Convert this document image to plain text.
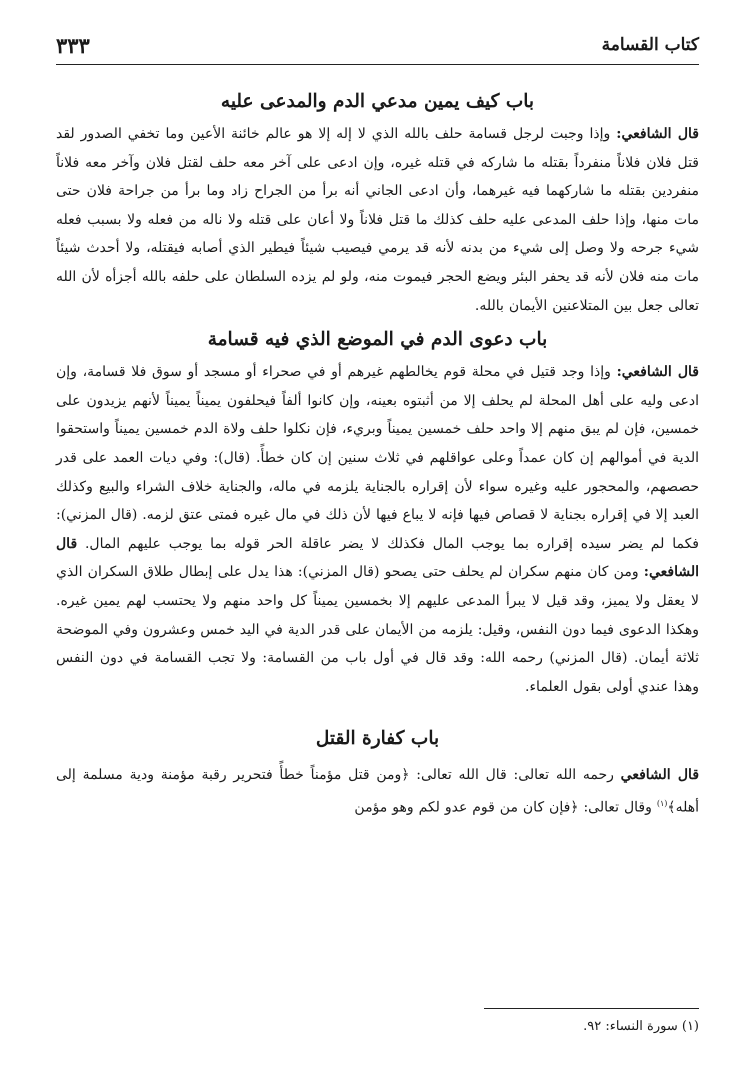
كتاب القسامة
٣٣٣
باب كيف يمين مدعي الدم والمدعى عليه

قال الشافعي: وإذا وجبت لرجل قسامة حلف بالله الذي لا إله إلا هو عالم خائنة الأعين وما تخفي الصدور لقد قتل فلان فلاناً منفرداً بقتله ما شاركه في قتله غيره، وإن ادعى على آخر معه حلف لقتل فلان وآخر معه فلاناً منفردين بقتله ما شاركهما فيه غيرهما، وأن ادعى الجاني أنه برأ من الجراح زاد وما برأ من جراحة فلان حتى مات منها، وإذا حلف المدعى عليه حلف كذلك ما قتل فلاناً ولا أعان على قتله ولا ناله من فعله ولا بسبب فعله شيء جرحه ولا وصل إلى شيء من بدنه لأنه قد يرمي فيصيب شيئاً فيطير الذي أصابه فيقتله، ولا أحدث شيئاً مات منه فلان لأنه قد يحفر البئر ويضع الحجر فيموت منه، ولو لم يزده السلطان على حلفه بالله أجزأه لأن الله تعالى جعل بين المتلاعنين الأيمان بالله.

باب دعوى الدم في الموضع الذي فيه قسامة

قال الشافعي: وإذا وجد قتيل في محلة قوم يخالطهم غيرهم أو في صحراء أو مسجد أو سوق فلا قسامة، وإن ادعى وليه على أهل المحلة لم يحلف إلا من أثبتوه بعينه، وإن كانوا ألفاً فيحلفون يميناً يميناً لأنهم يزيدون على خمسين، فإن لم يبق منهم إلا واحد حلف خمسين يميناً وبريء، فإن نكلوا حلف ولاة الدم خمسين يميناً واستحقوا الدية في أموالهم إن كان عمداً وعلى عواقلهم في ثلاث سنين إن كان خطأً. (قال): وفي ديات العمد على قدر حصصهم، والمحجور عليه وغيره سواء لأن إقراره بالجناية يلزمه في ماله، والجناية خلاف الشراء والبيع وكذلك العبد إلا في إقراره بجناية لا قصاص فيها فإنه لا يباع فيها لأن ذلك في مال غيره فمتى عتق لزمه. (قال المزني): فكما لم يضر سيده إقراره بما يوجب المال فكذلك لا يضر عاقلة الحر قوله بما يوجب عليهم المال. قال الشافعي: ومن كان منهم سكران لم يحلف حتى يصحو (قال المزني): هذا يدل على إبطال طلاق السكران الذي لا يعقل ولا يميز، وقد قيل لا يبرأ المدعى عليهم إلا بخمسين يميناً كل واحد منهم ولا يحتسب لهم يمين غيره. وهكذا الدعوى فيما دون النفس، وقيل: يلزمه من الأيمان على قدر الدية في اليد خمس وعشرون وفي الموضحة ثلاثة أيمان. (قال المزني) رحمه الله: وقد قال في أول باب من القسامة: ولا تجب القسامة في دون النفس وهذا عندي أولى بقول العلماء.

باب كفارة القتل

قال الشافعي رحمه الله تعالى: قال الله تعالى: ﴿ومن قتل مؤمناً خطأً فتحرير رقبة مؤمنة ودية مسلمة إلى أهله﴾$^{(١)}$ وقال تعالى: ﴿فإن كان من قوم عدو لكم وهو مؤمن

(١) سورة النساء: ٩٢.
